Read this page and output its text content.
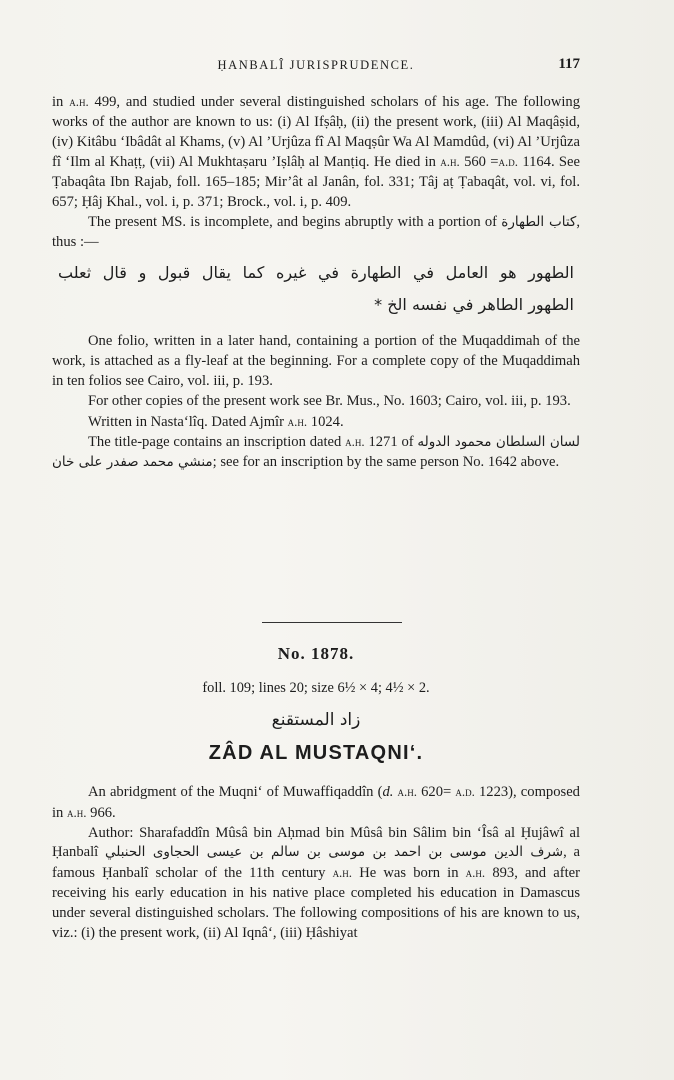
ḤANBALÎ JURISPRUDENCE.	117

in a.h. 499, and studied under several distinguished scholars of his age. The following works of the author are known to us: (i) Al Ifṣâḥ, (ii) the present work, (iii) Al Maqâṣid, (iv) Kitâbu ‘Ibâdât al Khams, (v) Al ’Urjûza fî Al Maqṣûr Wa Al Mamdûd, (vi) Al ’Urjûza fî ‘Ilm al Khaṭṭ, (vii) Al Mukhtaṣaru ’Iṣlâḥ al Manṭiq. He died in a.h. 560 =a.d. 1164. See Ṭabaqâta Ibn Rajab, foll. 165–185; Mir’ât al Janân, fol. 331; Tâj aṭ Ṭabaqât, vol. vi, fol. 657; Ḥâj Khal., vol. i, p. 371; Brock., vol. i, p. 409.

The present MS. is incomplete, and begins abruptly with a portion of كتاب الطهارة, thus :—

الطهور هو العامل في الطهارة في غيره كما يقال قبول و قال ثعلب
الطهور الطاهر في نفسه الخ *

One folio, written in a later hand, containing a portion of the Muqaddimah of the work, is attached as a fly-leaf at the beginning. For a complete copy of the Muqaddimah in ten folios see Cairo, vol. iii, p. 193.

For other copies of the present work see Br. Mus., No. 1603; Cairo, vol. iii, p. 193.

Written in Nasta‘lîq. Dated Ajmîr a.h. 1024.

The title-page contains an inscription dated a.h. 1271 of لسان السلطان محمود الدوله منشي محمد صفدر على خان; see for an inscription by the same person No. 1642 above.

No. 1878.
foll. 109; lines 20; size 6½ × 4; 4½ × 2.
زاد المستقنع
ZÂD AL MUSTAQNI‘.

An abridgment of the Muqni‘ of Muwaffiqaddîn (d. a.h. 620= a.d. 1223), composed in a.h. 966.

Author: Sharafaddîn Mûsâ bin Aḥmad bin Mûsâ bin Sâlim bin ‘Îsâ al Ḥujâwî al Ḥanbalî شرف الدين موسى بن احمد بن موسى بن سالم بن عيسى الحجاوى الحنبلي, a famous Ḥanbalî scholar of the 11th century a.h. He was born in a.h. 893, and after receiving his early education in his native place completed his education in Damascus under several distinguished scholars. The following compositions of his are known to us, viz.: (i) the present work, (ii) Al Iqnâ‘, (iii) Ḥâshiyat
